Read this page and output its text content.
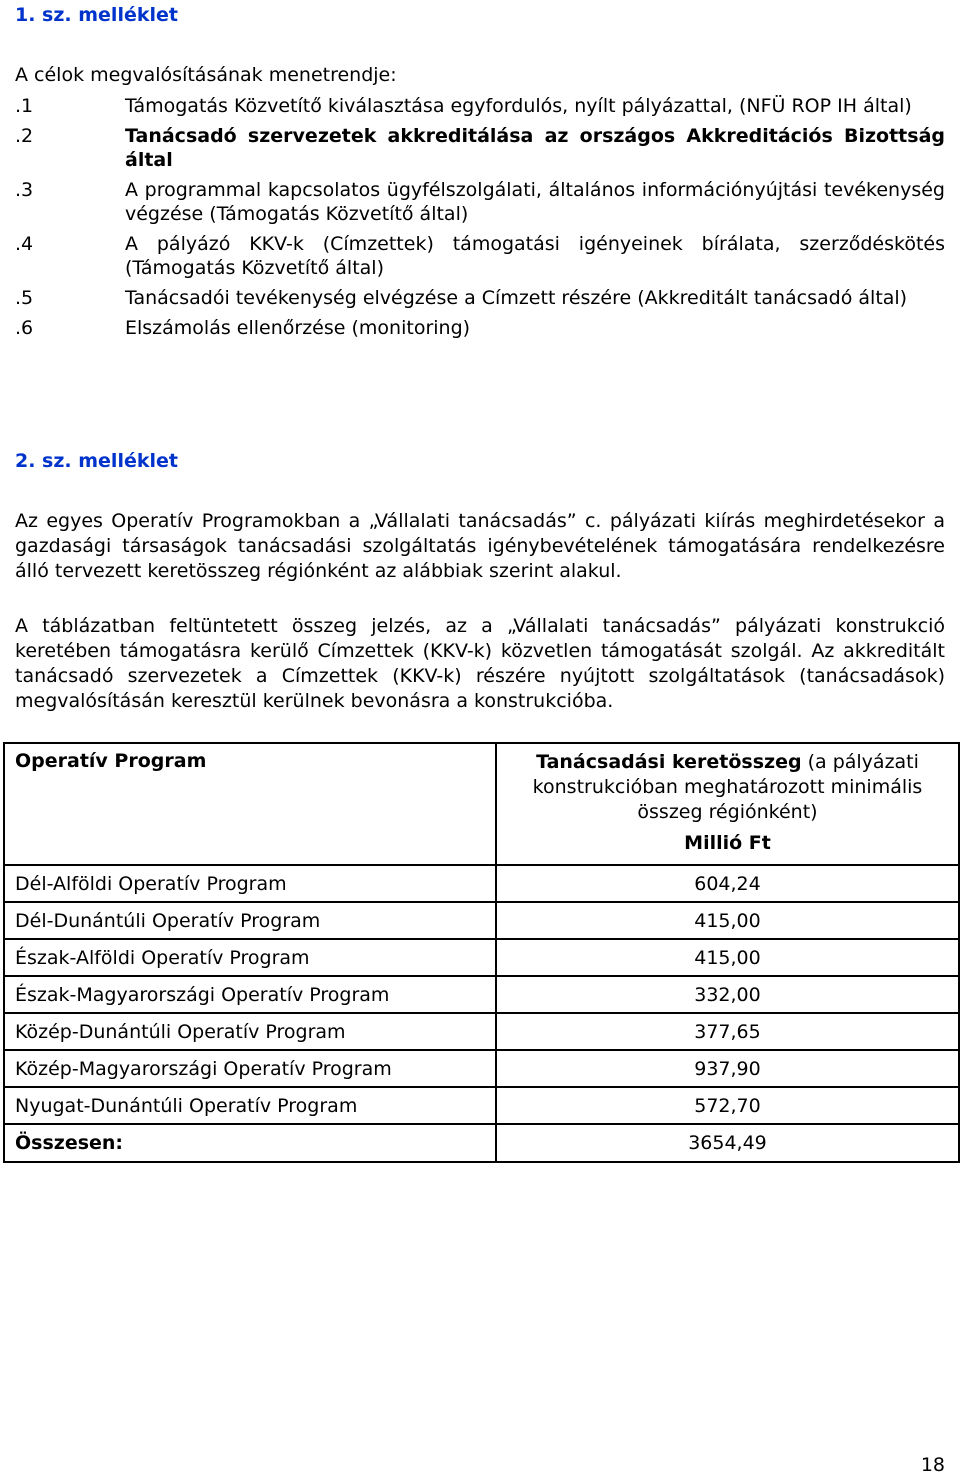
1. sz. melléklet
A célok megvalósításának menetrendje:
.1	Támogatás Közvetítő kiválasztása egyfordulós, nyílt pályázattal, (NFÜ ROP IH által)
.2	Tanácsadó szervezetek akkreditálása az országos Akkreditációs Bizottság által
.3	A programmal kapcsolatos ügyfélszolgálati, általános információnyújtási tevékenység végzése (Támogatás Közvetítő által)
.4	A pályázó KKV-k (Címzettek) támogatási igényeinek bírálata, szerződéskötés (Támogatás Közvetítő által)
.5	Tanácsadói tevékenység elvégzése a Címzett részére (Akkreditált tanácsadó által)
.6	Elszámolás ellenőrzése (monitoring)
2. sz. melléklet
Az egyes Operatív Programokban a „Vállalati tanácsadás” c. pályázati kiírás meghirdetésekor a gazdasági társaságok tanácsadási szolgáltatás igénybevételének támogatására rendelkezésre álló tervezett keretösszeg régiónként az alábbiak szerint alakul.
A táblázatban feltüntetett összeg jelzés, az a „Vállalati tanácsadás” pályázati konstrukció keretében támogatásra kerülő Címzettek (KKV-k) közvetlen támogatását szolgál. Az akkreditált tanácsadó szervezetek a Címzettek (KKV-k) részére nyújtott szolgáltatások (tanácsadások) megvalósításán keresztül kerülnek bevonásra a konstrukcióba.
Operatív Program	Tanácsadási keretösszeg (a pályázati konstrukcióban meghatározott minimális összeg régiónként)
Millió Ft

Dél-Alföldi Operatív Program	604,24
Dél-Dunántúli Operatív Program	415,00
Észak-Alföldi Operatív Program	415,00
Észak-Magyarországi Operatív Program	332,00
Közép-Dunántúli Operatív Program	377,65
Közép-Magyarországi Operatív Program	937,90
Nyugat-Dunántúli Operatív Program	572,70
Összesen:	3654,49
18
